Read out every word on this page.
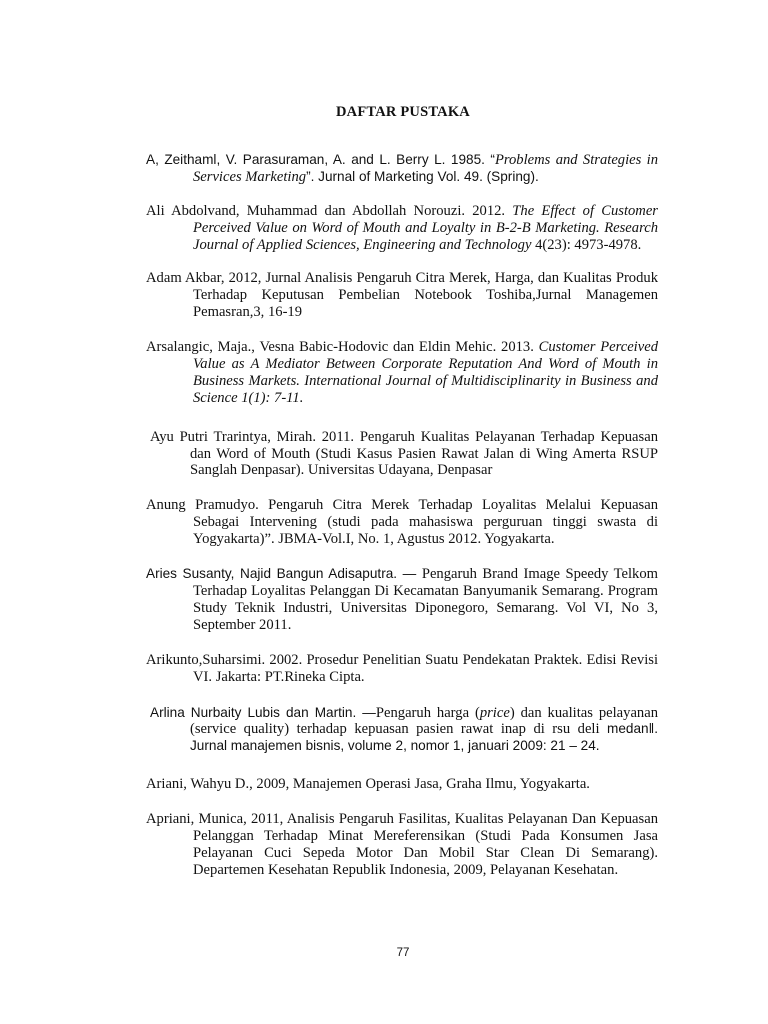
DAFTAR PUSTAKA

A, Zeithaml, V. Parasuraman, A. and L. Berry L. 1985. “Problems and Strategies in Services Marketing”. Jurnal of Marketing Vol. 49. (Spring).

Ali Abdolvand, Muhammad dan Abdollah Norouzi. 2012. The Effect of Customer Perceived Value on Word of Mouth and Loyalty in B-2-B Marketing. Research Journal of Applied Sciences, Engineering and Technology 4(23): 4973-4978.

Adam Akbar, 2012, Jurnal Analisis Pengaruh Citra Merek, Harga, dan Kualitas Produk Terhadap Keputusan Pembelian Notebook Toshiba,Jurnal Managemen Pemasran,3, 16-19

Arsalangic, Maja., Vesna Babic-Hodovic dan Eldin Mehic. 2013. Customer Perceived Value as A Mediator Between Corporate Reputation And Word of Mouth in Business Markets. International Journal of Multidisciplinarity in Business and Science 1(1): 7-11.

Ayu Putri Trarintya, Mirah. 2011. Pengaruh Kualitas Pelayanan Terhadap Kepuasan dan Word of Mouth (Studi Kasus Pasien Rawat Jalan di Wing Amerta RSUP Sanglah Denpasar). Universitas Udayana, Denpasar

Anung Pramudyo. Pengaruh Citra Merek Terhadap Loyalitas Melalui Kepuasan Sebagai Intervening (studi pada mahasiswa perguruan tinggi swasta di Yogyakarta)”. JBMA-Vol.I, No. 1, Agustus 2012. Yogyakarta.

Aries Susanty, Najid Bangun Adisaputra. — Pengaruh Brand Image Speedy Telkom Terhadap Loyalitas Pelanggan Di Kecamatan Banyumanik Semarang. Program Study Teknik Industri, Universitas Diponegoro, Semarang. Vol VI, No 3, September 2011.

Arikunto,Suharsimi. 2002. Prosedur Penelitian Suatu Pendekatan Praktek. Edisi Revisi VI. Jakarta: PT.Rineka Cipta.

Arlina Nurbaity Lubis dan Martin. —Pengaruh harga (price) dan kualitas pelayanan (service quality) terhadap kepuasan pasien rawat inap di rsu deli medanǁ. Jurnal manajemen bisnis, volume 2, nomor 1, januari 2009: 21 – 24.

Ariani, Wahyu D., 2009, Manajemen Operasi Jasa, Graha Ilmu, Yogyakarta.

Apriani, Munica, 2011, Analisis Pengaruh Fasilitas, Kualitas Pelayanan Dan Kepuasan Pelanggan Terhadap Minat Mereferensikan (Studi Pada Konsumen Jasa Pelayanan Cuci Sepeda Motor Dan Mobil Star Clean Di Semarang). Departemen Kesehatan Republik Indonesia, 2009, Pelayanan Kesehatan.

77
